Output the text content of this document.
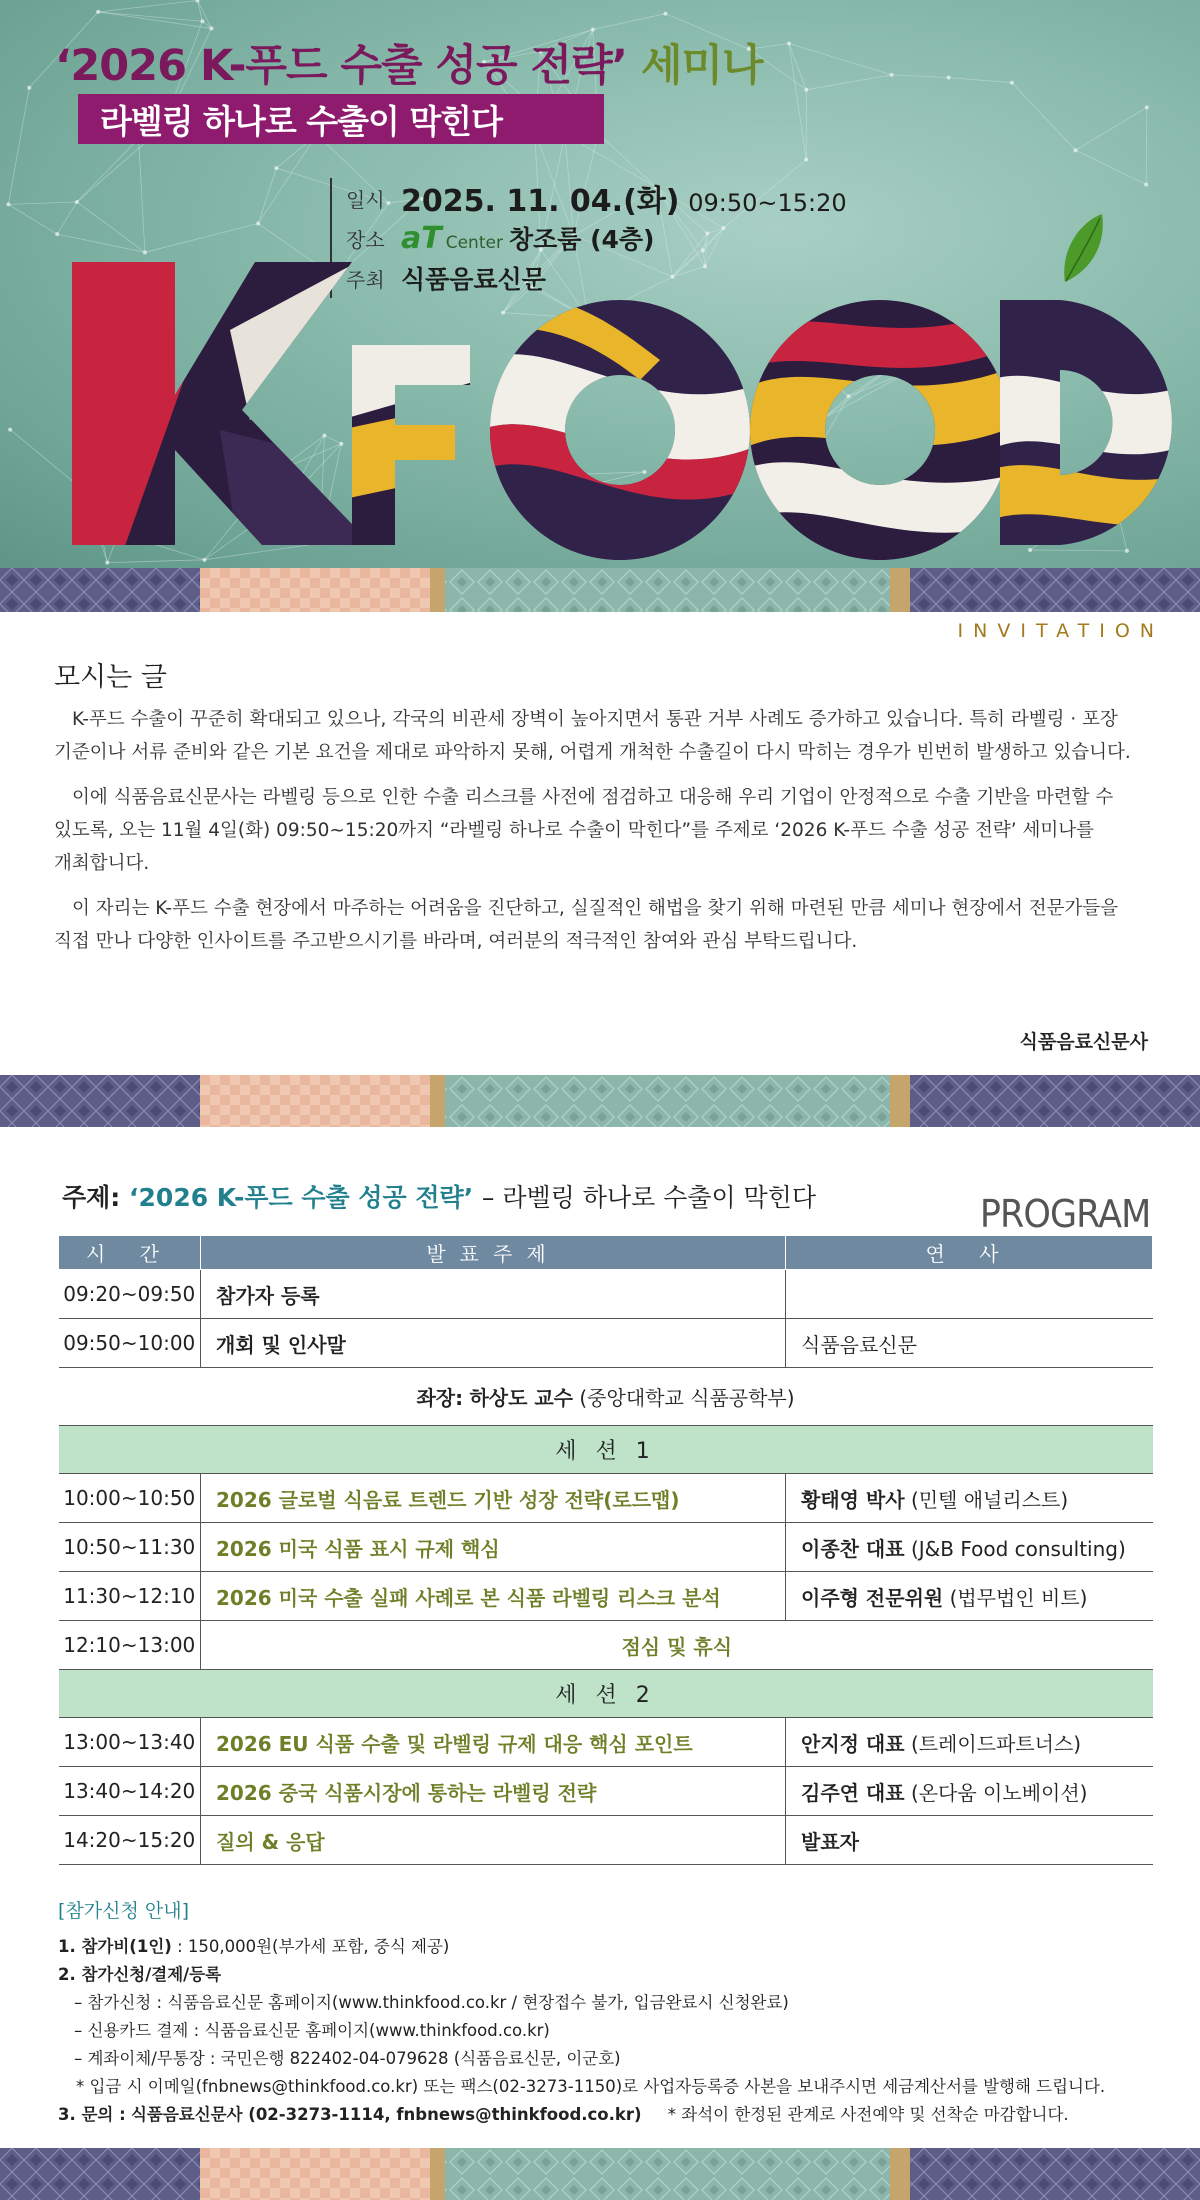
‘2026 K-푸드 수출 성공 전략’ 세미나
라벨링 하나로 수출이 막힌다
일시 2025. 11. 04.(화) 09:50~15:20
장소 aT Center 창조룸 (4층)
주최 식품음료신문
INVITATION
모시는 글

K-푸드 수출이 꾸준히 확대되고 있으나, 각국의 비관세 장벽이 높아지면서 통관 거부 사례도 증가하고 있습니다. 특히 라벨링 · 포장 기준이나 서류 준비와 같은 기본 요건을 제대로 파악하지 못해, 어렵게 개척한 수출길이 다시 막히는 경우가 빈번히 발생하고 있습니다.

이에 식품음료신문사는 라벨링 등으로 인한 수출 리스크를 사전에 점검하고 대응해 우리 기업이 안정적으로 수출 기반을 마련할 수 있도록, 오는 11월 4일(화) 09:50~15:20까지 “라벨링 하나로 수출이 막힌다”를 주제로 ‘2026 K-푸드 수출 성공 전략’ 세미나를 개최합니다.

이 자리는 K-푸드 수출 현장에서 마주하는 어려움을 진단하고, 실질적인 해법을 찾기 위해 마련된 만큼 세미나 현장에서 전문가들을 직접 만나 다양한 인사이트를 주고받으시기를 바라며, 여러분의 적극적인 참여와 관심 부탁드립니다.

식품음료신문사
주제: ‘2026 K-푸드 수출 성공 전략’ – 라벨링 하나로 수출이 막힌다	PROGRAM
시 간	발표주제	연 사
09:20~09:50	참가자 등록	
09:50~10:00	개회 및 인사말	식품음료신문
좌장: 하상도 교수 (중앙대학교 식품공학부)		
세 션 1		
10:00~10:50	2026 글로벌 식음료 트렌드 기반 성장 전략(로드맵)	황태영 박사 (민텔 애널리스트)
10:50~11:30	2026 미국 식품 표시 규제 핵심	이종찬 대표 (J&B Food consulting)
11:30~12:10	2026 미국 수출 실패 사례로 본 식품 라벨링 리스크 분석	이주형 전문위원 (법무법인 비트)
12:10~13:00	점심 및 휴식	
세 션 2		
13:00~13:40	2026 EU 식품 수출 및 라벨링 규제 대응 핵심 포인트	안지정 대표 (트레이드파트너스)
13:40~14:20	2026 중국 식품시장에 통하는 라벨링 전략	김주연 대표 (온다움 이노베이션)
14:20~15:20	질의 & 응답	발표자
[참가신청 안내]
1. 참가비(1인) : 150,000원(부가세 포함, 중식 제공)
2. 참가신청/결제/등록
– 참가신청 : 식품음료신문 홈페이지(www.thinkfood.co.kr / 현장접수 불가, 입금완료시 신청완료)
– 신용카드 결제 : 식품음료신문 홈페이지(www.thinkfood.co.kr)
– 계좌이체/무통장 : 국민은행 822402-04-079628 (식품음료신문, 이군호)
* 입금 시 이메일(fnbnews@thinkfood.co.kr) 또는 팩스(02-3273-1150)로 사업자등록증 사본을 보내주시면 세금계산서를 발행해 드립니다.
3. 문의 : 식품음료신문사 (02-3273-1114, fnbnews@thinkfood.co.kr) * 좌석이 한정된 관계로 사전예약 및 선착순 마감합니다.
